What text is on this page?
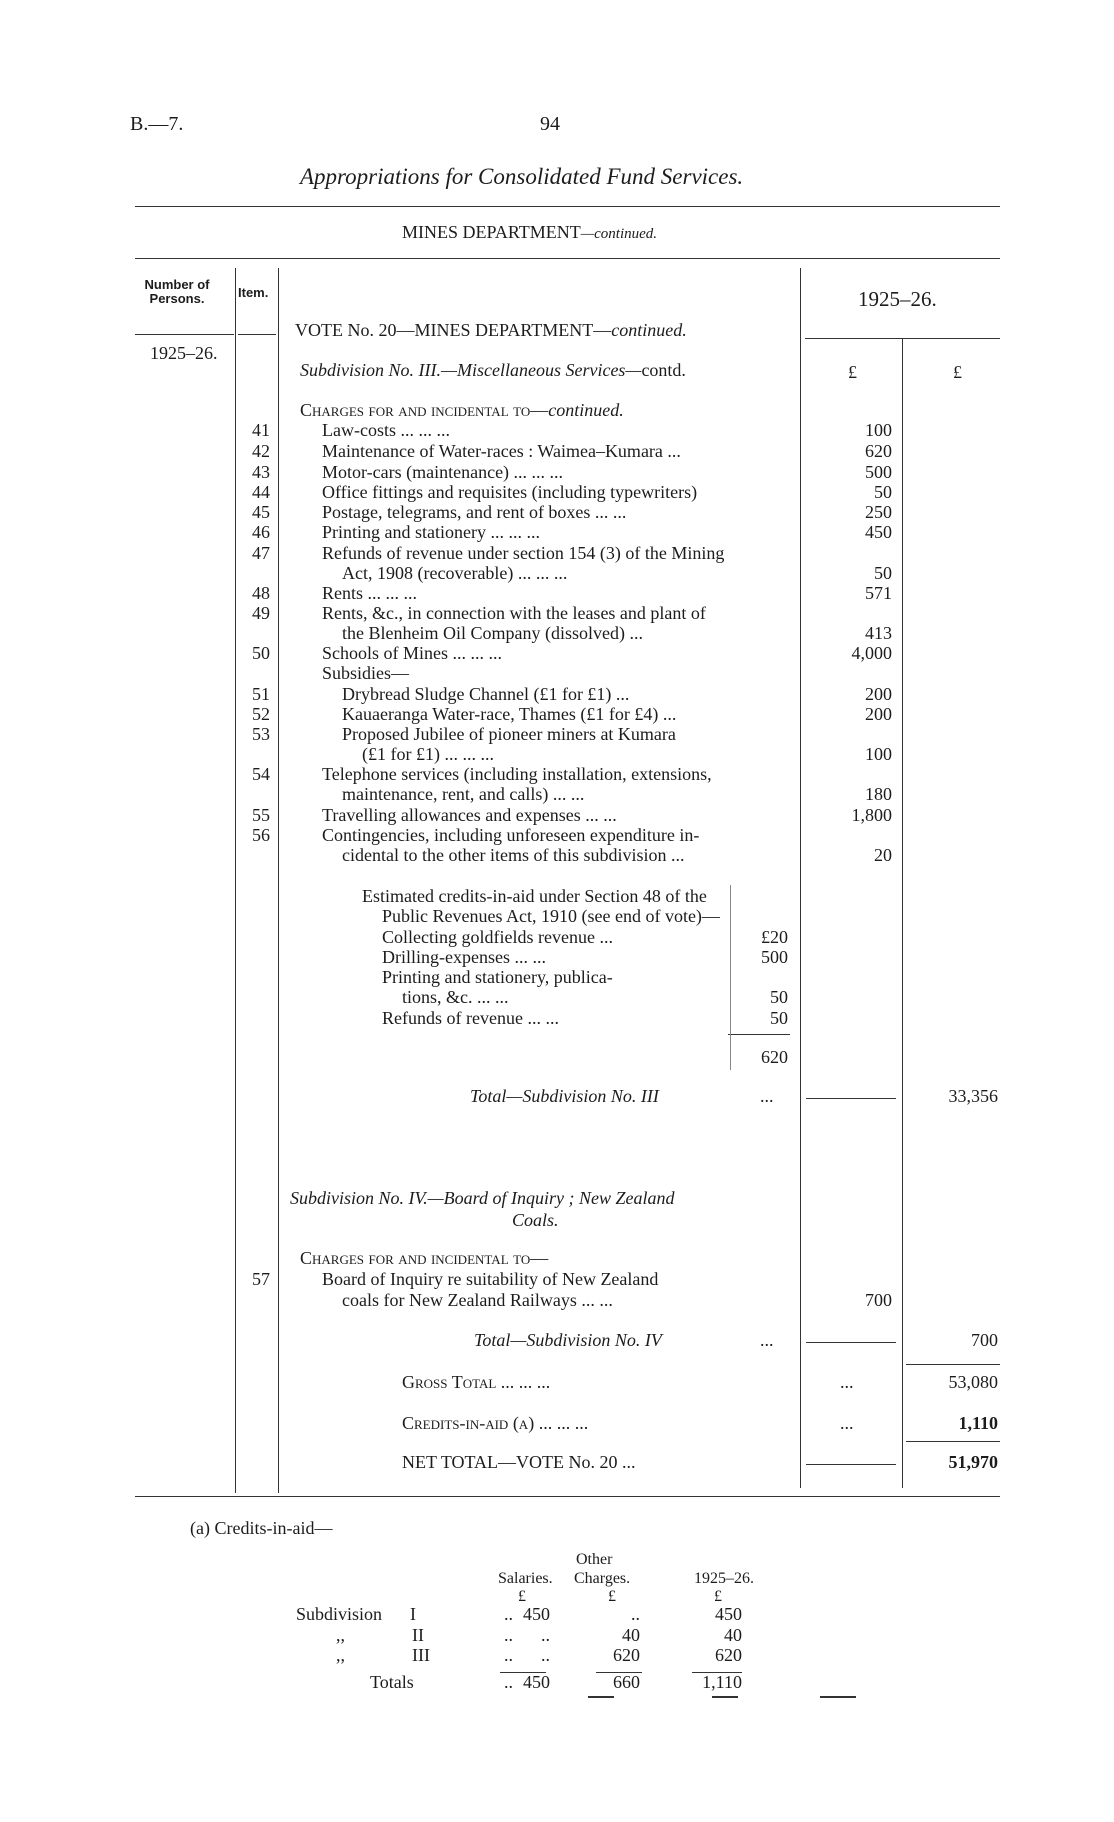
B.—7.	94
Appropriations for Consolidated Fund Services.
MINES DEPARTMENT—continued.
Number of Persons.	Item.	1925–26.
1925–26.
VOTE No. 20—MINES DEPARTMENT—continued.
Subdivision No. III.—Miscellaneous Services—contd.	£	£
Charges for and incidental to—continued.
41	Law-costs ... ... ...	100
42	Maintenance of Water-races : Waimea–Kumara ...	620
43	Motor-cars (maintenance) ... ... ...	500
44	Office fittings and requisites (including typewriters)	50
45	Postage, telegrams, and rent of boxes ... ...	250
46	Printing and stationery ... ... ...	450
47	Refunds of revenue under section 154 (3) of the Mining
Act, 1908 (recoverable) ... ... ...	50
48	Rents ... ... ...	571
49	Rents, &c., in connection with the leases and plant of
the Blenheim Oil Company (dissolved) ...	413
50	Schools of Mines ... ... ...	4,000
Subsidies—
51	Drybread Sludge Channel (£1 for £1) ...	200
52	Kauaeranga Water-race, Thames (£1 for £4) ...	200
53	Proposed Jubilee of pioneer miners at Kumara
(£1 for £1) ... ... ...	100
54	Telephone services (including installation, extensions,
maintenance, rent, and calls) ... ...	180
55	Travelling allowances and expenses ... ...	1,800
56	Contingencies, including unforeseen expenditure in-
cidental to the other items of this subdivision ...	20
Estimated credits-in-aid under Section 48 of the
Public Revenues Act, 1910 (see end of vote)—
Collecting goldfields revenue ...	£20
Drilling-expenses ... ...	500
Printing and stationery, publica-
tions, &c. ... ...	50
Refunds of revenue ... ...	50
620
Total—Subdivision No. III	...	33,356
Subdivision No. IV.—Board of Inquiry ; New Zealand
Coals.
Charges for and incidental to—
57	Board of Inquiry re suitability of New Zealand
coals for New Zealand Railways ... ...	700
Total—Subdivision No. IV	...	700
Gross Total ... ... ...	...	53,080
Credits-in-aid (a) ... ... ...	...	1,110
NET TOTAL—VOTE No. 20 ...	51,970
(a) Credits-in-aid—
Other
Charges.
Salaries.	1925–26.
£	£	£
Subdivision I	.. 450	..	450
,,	II	..	..	40	40
,,	III	..	..	620	620
Totals	.. 450	660	1,110
